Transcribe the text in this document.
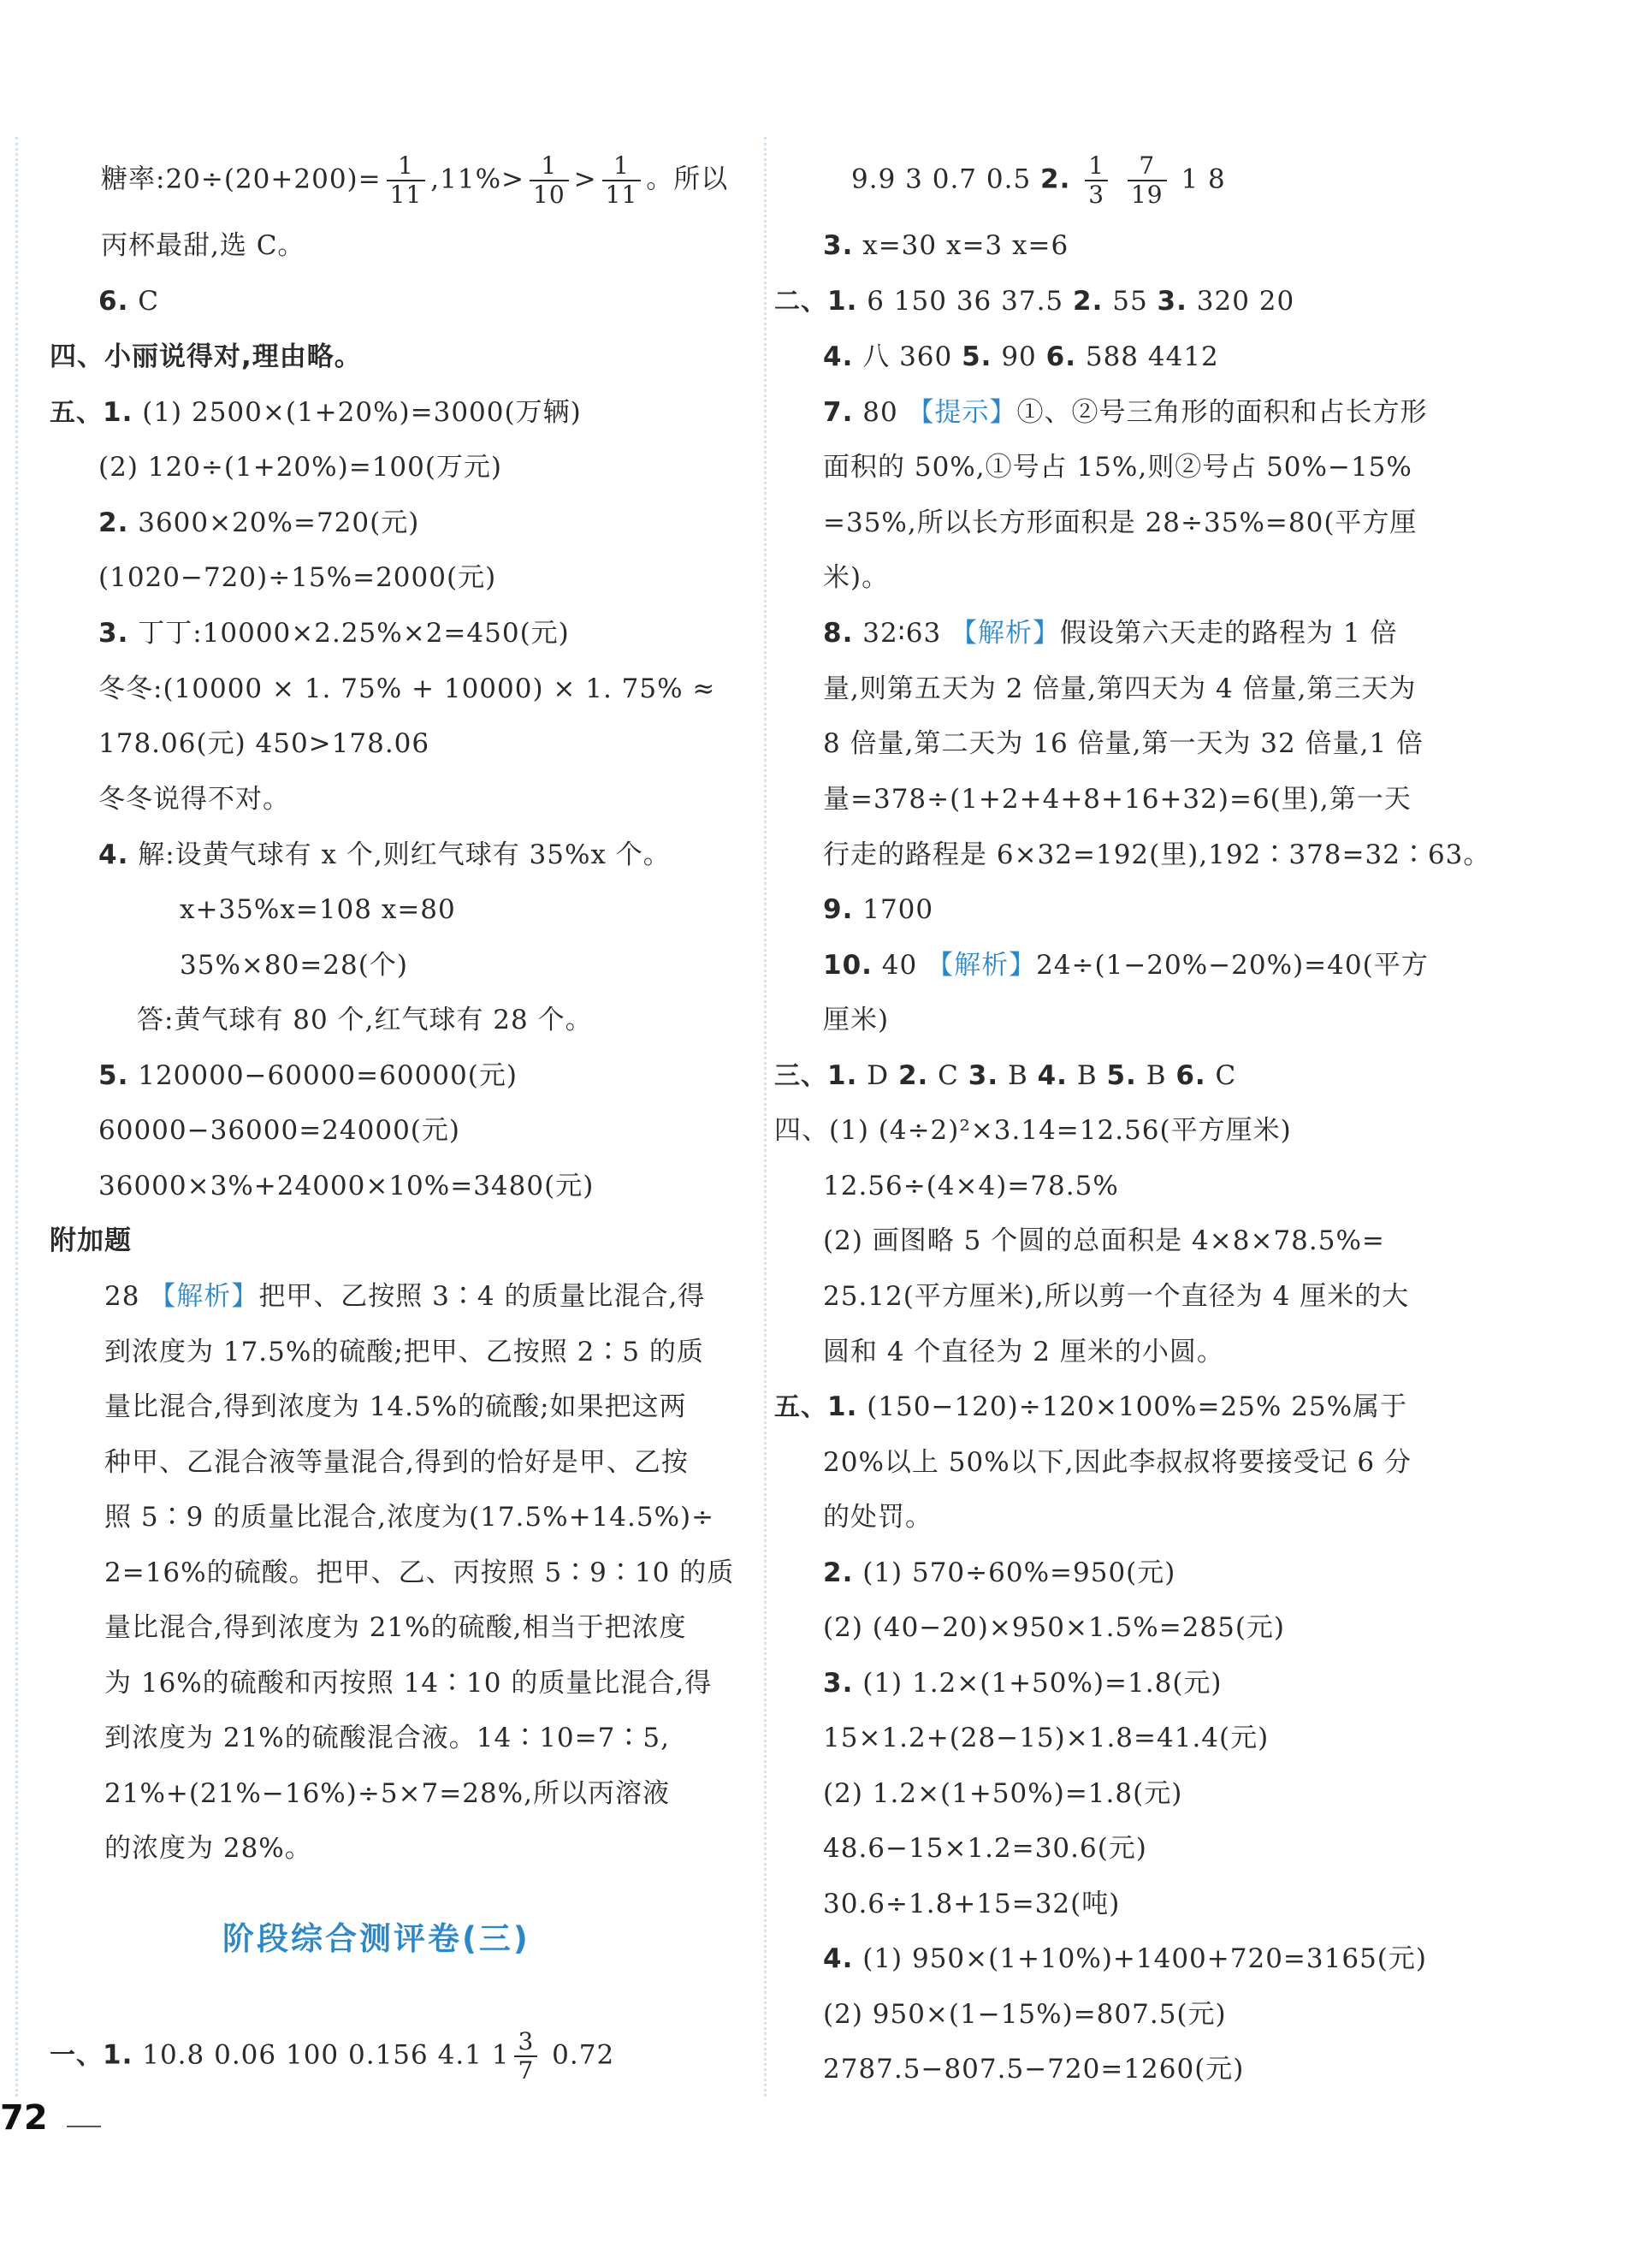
糖率:20÷(20+200)= $\frac{1}{11} ,11\%> \frac{1}{10} > \frac{1}{11}$ 。所以
丙杯最甜,选 C。
6. C
四、小丽说得对,理由略。
五、1. (1) 2500×(1+20%)=3000(万辆)
(2) 120÷(1+20%)=100(万元)
2. 3600×20%=720(元)
(1020−720)÷15%=2000(元)
3. 丁丁:10000×2.25%×2=450(元)
冬冬:(10000 × 1. 75% + 10000) × 1. 75% ≈
178.06(元) 450>178.06
冬冬说得不对。
4. 解:设黄气球有 x 个,则红气球有 35%x 个。
x+35%x=108 x=80
35%×80=28(个)
答:黄气球有 80 个,红气球有 28 个。
5. 120000−60000=60000(元)
60000−36000=24000(元)
36000×3%+24000×10%=3480(元)
附加题
28 【解析】把甲、乙按照 3∶4 的质量比混合,得
到浓度为 17.5%的硫酸;把甲、乙按照 2∶5 的质
量比混合,得到浓度为 14.5%的硫酸;如果把这两
种甲、乙混合液等量混合,得到的恰好是甲、乙按
照 5∶9 的质量比混合,浓度为(17.5%+14.5%)÷
2=16%的硫酸。把甲、乙、丙按照 5∶9∶10 的质
量比混合,得到浓度为 21%的硫酸,相当于把浓度
为 16%的硫酸和丙按照 14∶10 的质量比混合,得
到浓度为 21%的硫酸混合液。14∶10=7∶5,
21%+(21%−16%)÷5×7=28%,所以丙溶液
的浓度为 28%。
阶段综合测评卷(三)
一、1. 10.8 0.06 100 0.156 4.1 $1 \frac{3}{7} 0.72$
9.9 3 0.7 0.5 2. $\frac{1}{3}$
$\frac{7}{19} 1$ 8
3. x=30 x=3 x=6
二、1. 6 150 36 37.5 2. 55 3. 320 20
4. 八 360 5. 90 6. 588 4412
7. 80 【提示】①、②号三角形的面积和占长方形
面积的 50%,①号占 15%,则②号占 50%−15%
=35%,所以长方形面积是 28÷35%=80(平方厘
米)。
8. 32∶63 【解析】假设第六天走的路程为 1 倍
量,则第五天为 2 倍量,第四天为 4 倍量,第三天为
8 倍量,第二天为 16 倍量,第一天为 32 倍量,1 倍
量=378÷(1+2+4+8+16+32)=6(里),第一天
行走的路程是 6×32=192(里),192∶378=32∶63。
9. 1700
10. 40 【解析】24÷(1−20%−20%)=40(平方
厘米)
三、1. D 2. C 3. B 4. B 5. B 6. C
四、(1) (4÷2)²×3.14=12.56(平方厘米)
12.56÷(4×4)=78.5%
(2) 画图略 5 个圆的总面积是 4×8×78.5%=
25.12(平方厘米),所以剪一个直径为 4 厘米的大
圆和 4 个直径为 2 厘米的小圆。
五、1. (150−120)÷120×100%=25% 25%属于
20%以上 50%以下,因此李叔叔将要接受记 6 分
的处罚。
2. (1) 570÷60%=950(元)
(2) (40−20)×950×1.5%=285(元)
3. (1) 1.2×(1+50%)=1.8(元)
15×1.2+(28−15)×1.8=41.4(元)
(2) 1.2×(1+50%)=1.8(元)
48.6−15×1.2=30.6(元)
30.6÷1.8+15=32(吨)
4. (1) 950×(1+10%)+1400+720=3165(元)
(2) 950×(1−15%)=807.5(元)
2787.5−807.5−720=1260(元)
72
